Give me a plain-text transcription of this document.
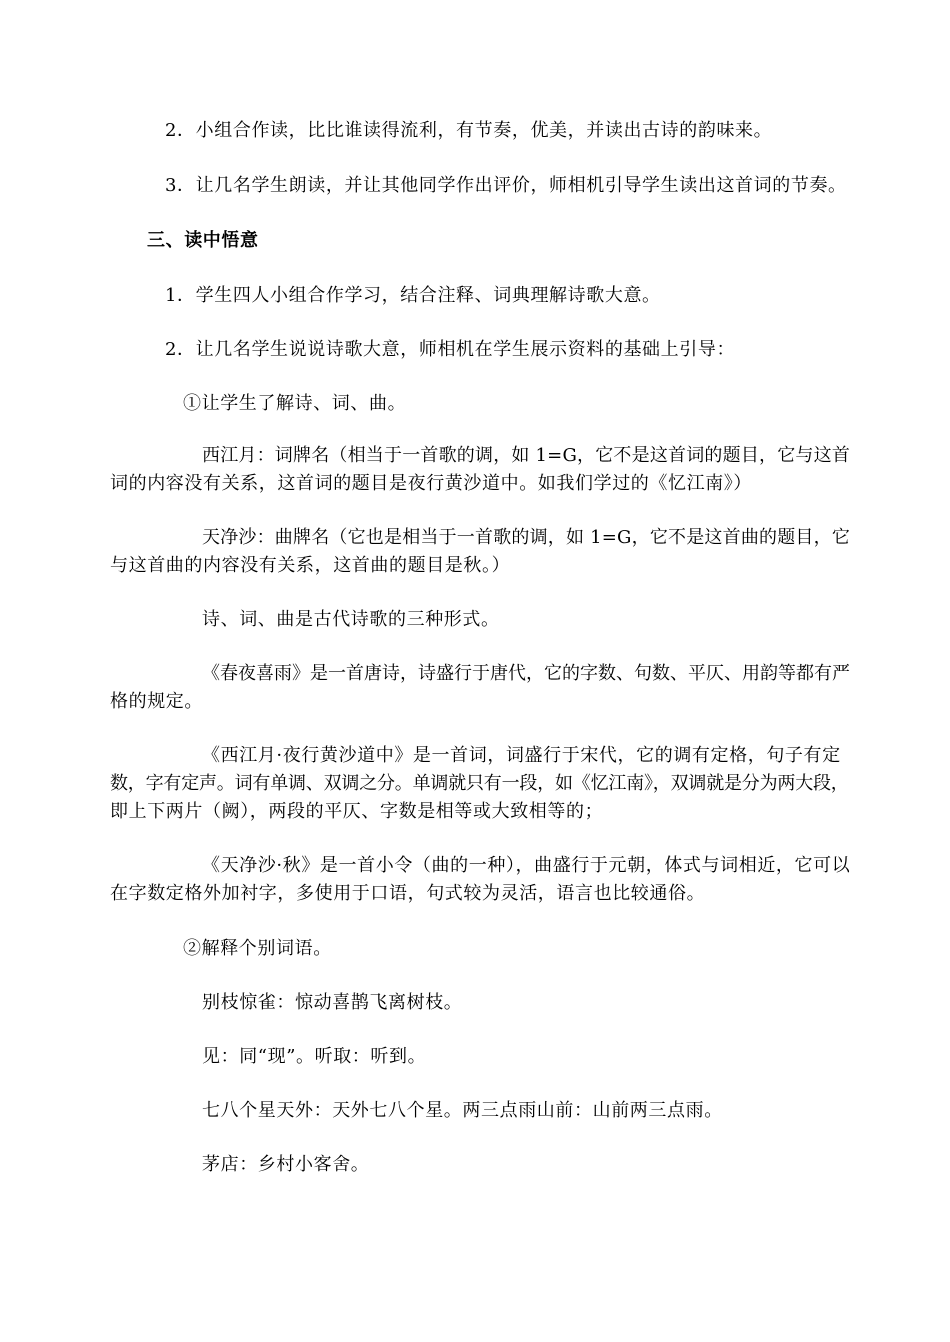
2．小组合作读，比比谁读得流利，有节奏，优美，并读出古诗的韵味来。
3．让几名学生朗读，并让其他同学作出评价，师相机引导学生读出这首词的节奏。
三、读中悟意
1．学生四人小组合作学习，结合注释、词典理解诗歌大意。
2．让几名学生说说诗歌大意，师相机在学生展示资料的基础上引导：
①让学生了解诗、词、曲。
西江月：词牌名（相当于一首歌的调，如 1=G，它不是这首词的题目，它与这首
词的内容没有关系，这首词的题目是夜行黄沙道中。如我们学过的《忆江南》）
天净沙：曲牌名（它也是相当于一首歌的调，如 1=G，它不是这首曲的题目，它
与这首曲的内容没有关系，这首曲的题目是秋。）
诗、词、曲是古代诗歌的三种形式。
《春夜喜雨》是一首唐诗，诗盛行于唐代，它的字数、句数、平仄、用韵等都有严
格的规定。
《西江月·夜行黄沙道中》是一首词，词盛行于宋代，它的调有定格，句子有定
数，字有定声。词有单调、双调之分。单调就只有一段，如《忆江南》，双调就是分为两大段，
即上下两片（阙），两段的平仄、字数是相等或大致相等的；
《天净沙·秋》是一首小令（曲的一种），曲盛行于元朝，体式与词相近，它可以
在字数定格外加衬字，多使用于口语，句式较为灵活，语言也比较通俗。
②解释个别词语。
别枝惊雀：惊动喜鹊飞离树枝。
见：同“现”。听取：听到。
七八个星天外：天外七八个星。两三点雨山前：山前两三点雨。
茅店：乡村小客舍。
